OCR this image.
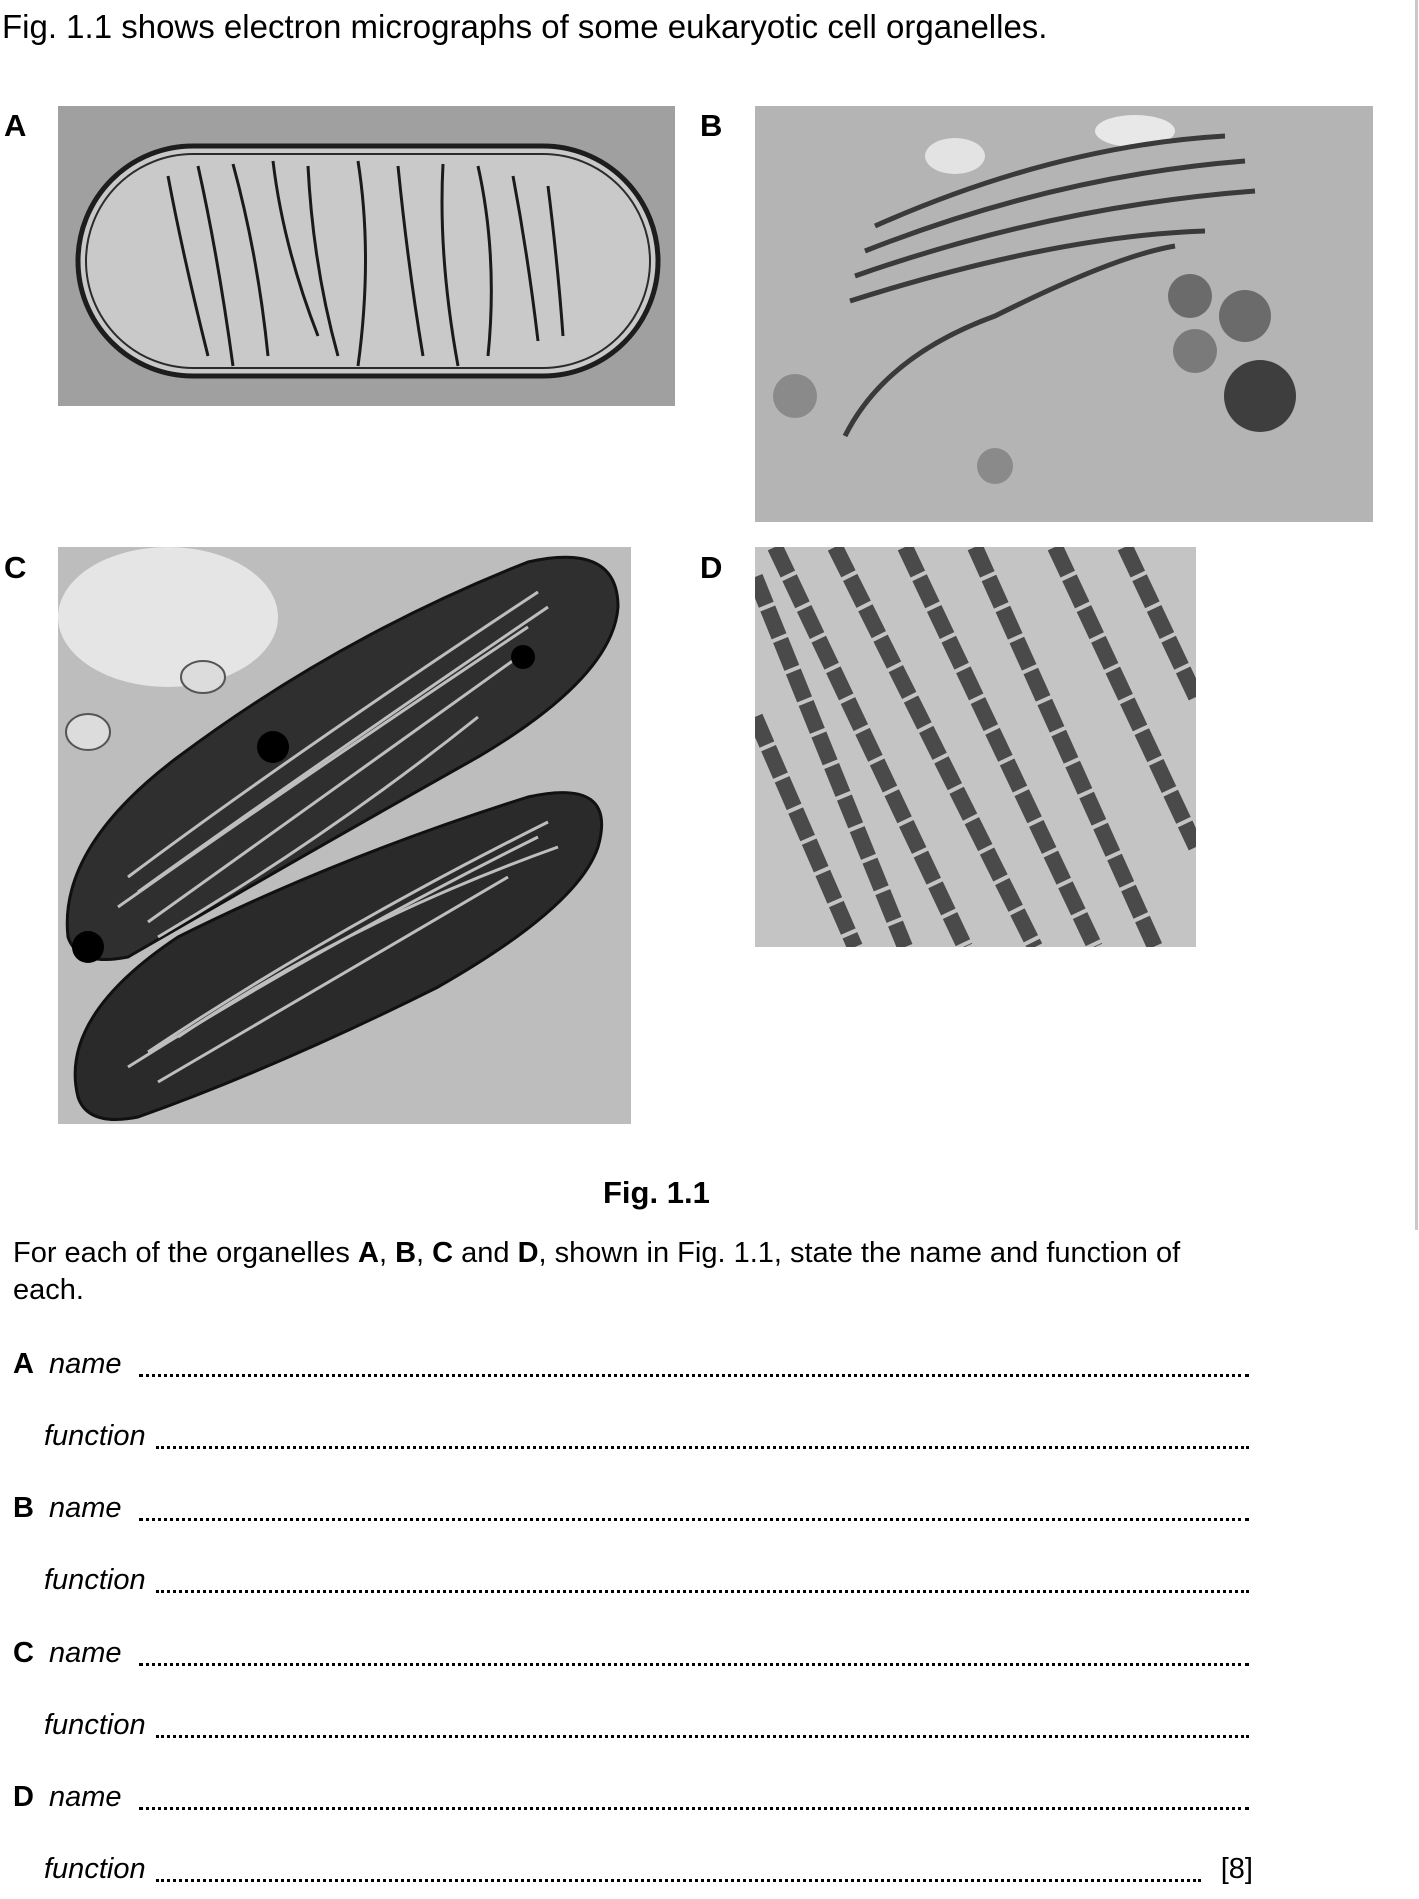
Fig. 1.1 shows electron micrographs of some eukaryotic cell organelles.
A	B
C	D
Fig. 1.1
For each of the organelles A, B, C and D, shown in Fig. 1.1, state the name and function of each.
A name
function
B name
function
C name
function
D name
function	[8]
